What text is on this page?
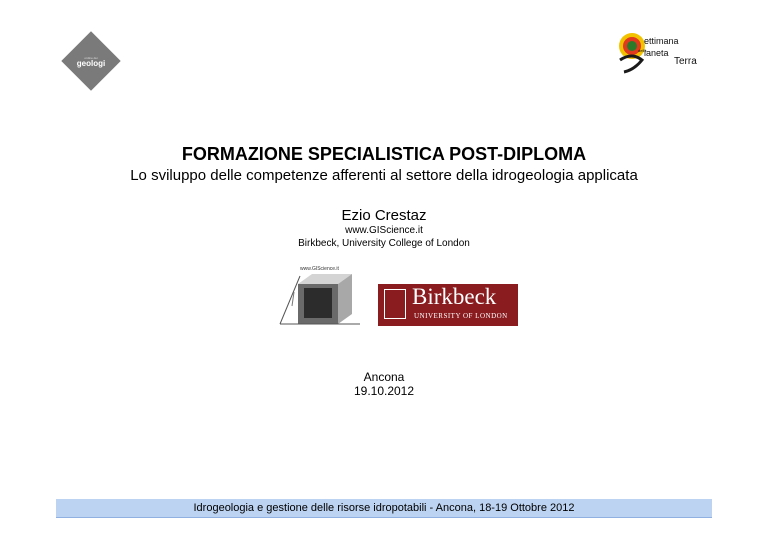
ordine dei
geologi
ettimana
della
laneta
Terra
FORMAZIONE SPECIALISTICA POST-DIPLOMA
Lo sviluppo delle competenze afferenti al settore della idrogeologia applicata
Ezio Crestaz
www.GIScience.it
Birkbeck, University College of London
www.GIScience.it
Birkbeck
UNIVERSITY OF LONDON
Ancona
19.10.2012
Idrogeologia e gestione delle risorse idropotabili - Ancona, 18-19 Ottobre 2012
